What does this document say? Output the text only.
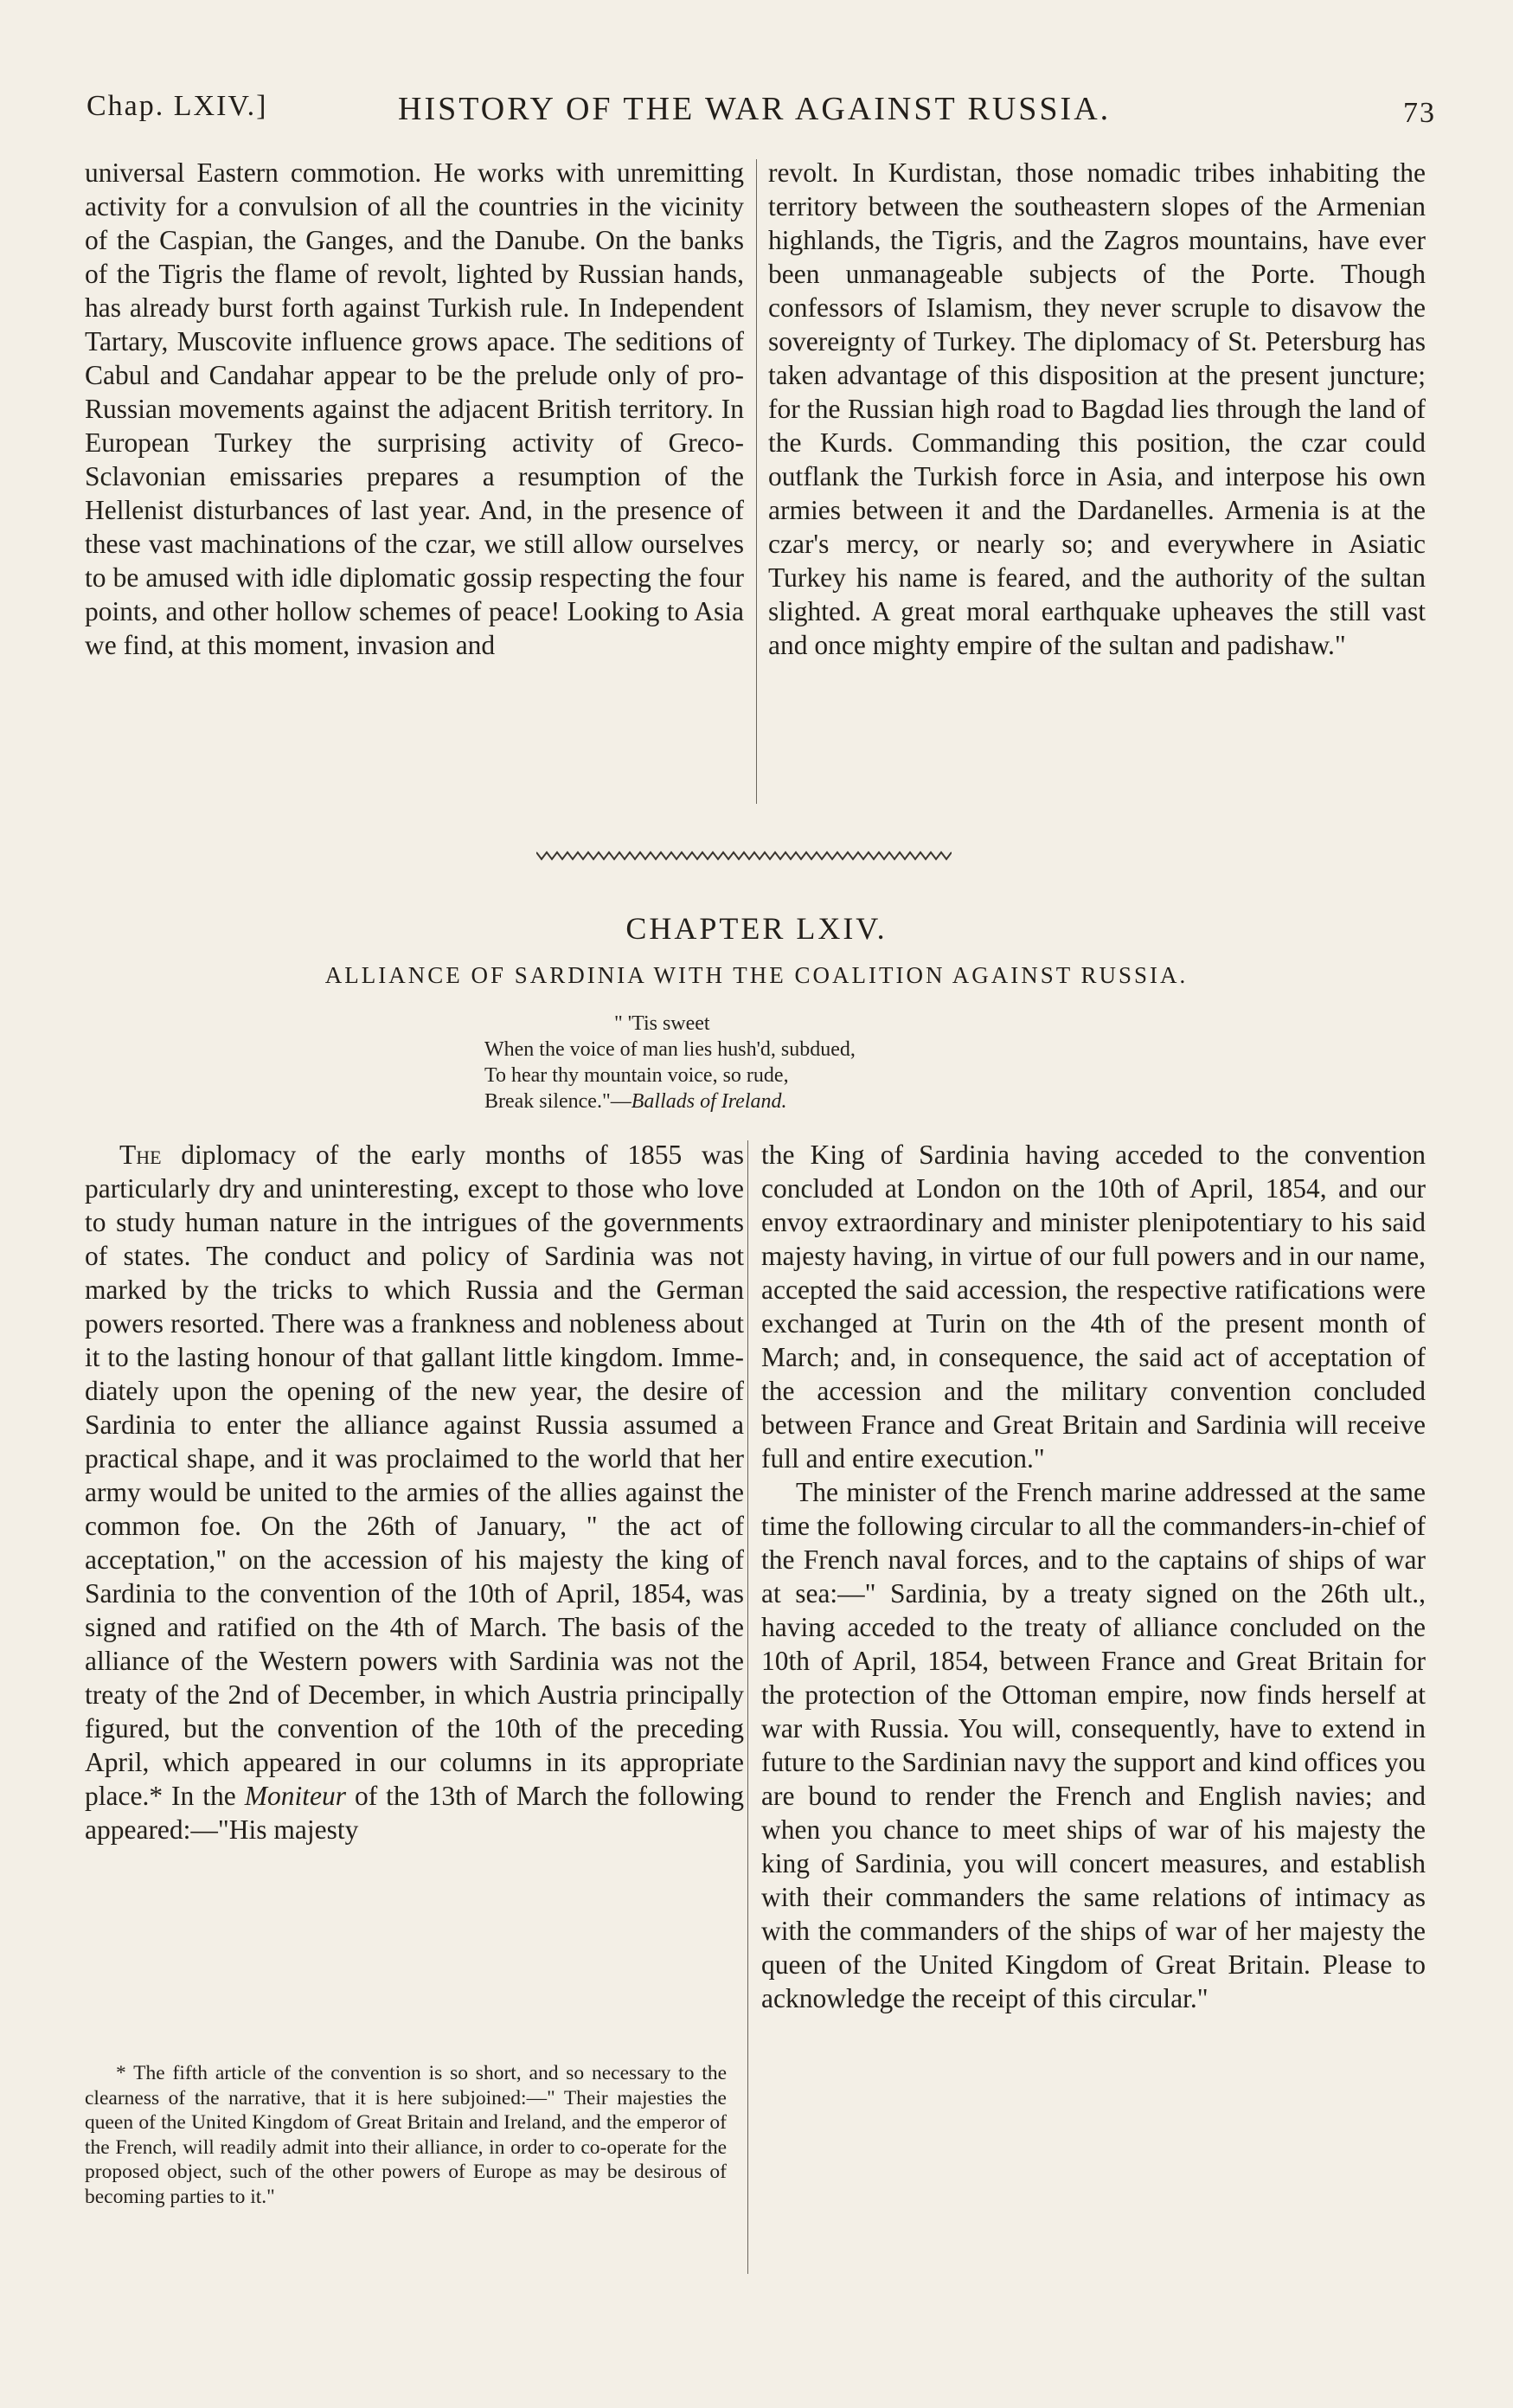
Chap. LXIV.]	HISTORY OF THE WAR AGAINST RUSSIA.	73

universal Eastern commotion. He works with unremitting activity for a convulsion of all the countries in the vicinity of the Caspian, the Ganges, and the Danube. On the banks of the Tigris the flame of revolt, lighted by Russian hands, has already burst forth against Turkish rule. In Independent Tartary, Muscovite influence grows apace. The seditions of Cabul and Candahar appear to be the prelude only of pro-Russian movements against the adjacent British territory. In European Turkey the surprising activity of Greco-Sclavonian emissaries prepares a resumption of the Hellenist disturbances of last year. And, in the presence of these vast machinations of the czar, we still allow ourselves to be amused with idle diplomatic gossip respecting the four points, and other hollow schemes of peace! Looking to Asia we find, at this moment, invasion and

revolt. In Kurdistan, those nomadic tribes inhabiting the territory between the southeastern slopes of the Armenian highlands, the Tigris, and the Zagros mountains, have ever been unmanageable subjects of the Porte. Though confessors of Islamism, they never scruple to disavow the sovereignty of Turkey. The diplomacy of St. Petersburg has taken advantage of this disposition at the present juncture; for the Russian high road to Bagdad lies through the land of the Kurds. Commanding this position, the czar could outflank the Turkish force in Asia, and interpose his own armies between it and the Dardanelles. Armenia is at the czar's mercy, or nearly so; and everywhere in Asiatic Turkey his name is feared, and the authority of the sultan slighted. A great moral earthquake upheaves the still vast and once mighty empire of the sultan and padishaw."

CHAPTER LXIV.
ALLIANCE OF SARDINIA WITH THE COALITION AGAINST RUSSIA.
" 'Tis sweet
When the voice of man lies hush'd, subdued,
To hear thy mountain voice, so rude,
Break silence."—Ballads of Ireland.

The diplomacy of the early months of 1855 was particularly dry and uninteresting, except to those who love to study human nature in the intrigues of the governments of states. The conduct and policy of Sardinia was not marked by the tricks to which Russia and the German powers resorted. There was a frankness and nobleness about it to the lasting honour of that gallant little kingdom. Immediately upon the opening of the new year, the desire of Sardinia to enter the alliance against Russia assumed a practical shape, and it was proclaimed to the world that her army would be united to the armies of the allies against the common foe. On the 26th of January, " the act of acceptation," on the accession of his majesty the king of Sardinia to the convention of the 10th of April, 1854, was signed and ratified on the 4th of March. The basis of the alliance of the Western powers with Sardinia was not the treaty of the 2nd of December, in which Austria principally figured, but the convention of the 10th of the preceding April, which appeared in our columns in its appropriate place.* In the Moniteur of the 13th of March the following appeared:—"His majesty

the King of Sardinia having acceded to the convention concluded at London on the 10th of April, 1854, and our envoy extraordinary and minister plenipotentiary to his said majesty having, in virtue of our full powers and in our name, accepted the said accession, the respective ratifications were exchanged at Turin on the 4th of the present month of March; and, in consequence, the said act of acceptation of the accession and the military convention concluded between France and Great Britain and Sardinia will receive full and entire execution."

The minister of the French marine addressed at the same time the following circular to all the commanders-in-chief of the French naval forces, and to the captains of ships of war at sea:—" Sardinia, by a treaty signed on the 26th ult., having acceded to the treaty of alliance concluded on the 10th of April, 1854, between France and Great Britain for the protection of the Ottoman empire, now finds herself at war with Russia. You will, consequently, have to extend in future to the Sardinian navy the support and kind offices you are bound to render the French and English navies; and when you chance to meet ships of war of his majesty the king of Sardinia, you will concert measures, and establish with their commanders the same relations of intimacy as with the commanders of the ships of war of her majesty the queen of the United Kingdom of Great Britain. Please to acknowledge the receipt of this circular."

* The fifth article of the convention is so short, and so necessary to the clearness of the narrative, that it is here subjoined:—" Their majesties the queen of the United Kingdom of Great Britain and Ireland, and the emperor of the French, will readily admit into their alliance, in order to co-operate for the proposed object, such of the other powers of Europe as may be desirous of becoming parties to it."
